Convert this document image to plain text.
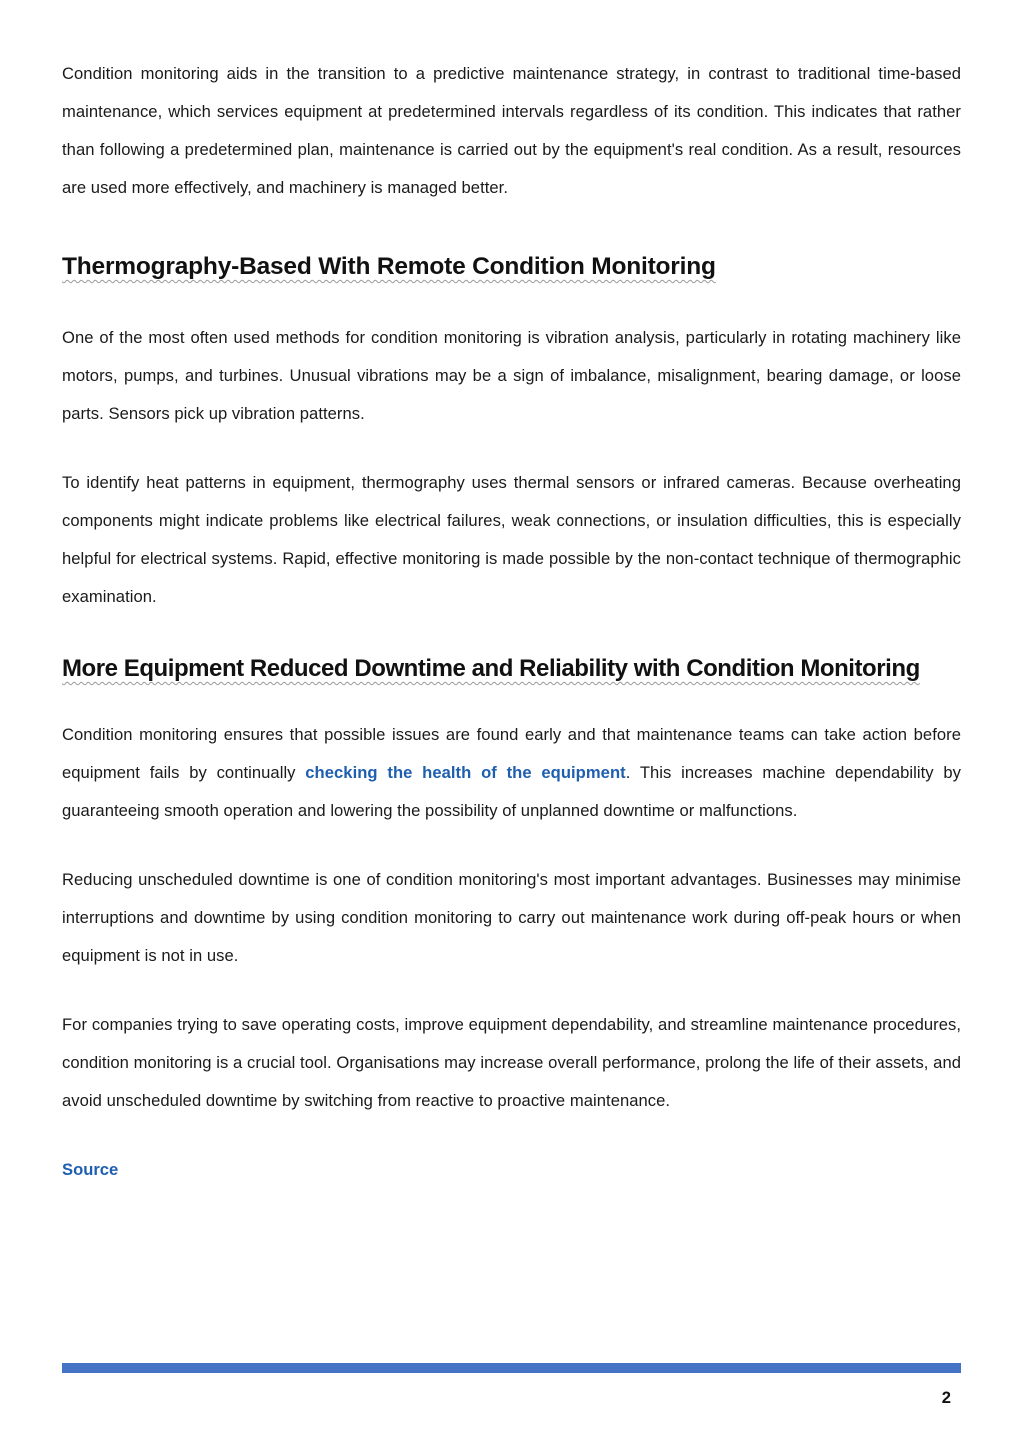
Condition monitoring aids in the transition to a predictive maintenance strategy, in contrast to traditional time-based maintenance, which services equipment at predetermined intervals regardless of its condition. This indicates that rather than following a predetermined plan, maintenance is carried out by the equipment's real condition. As a result, resources are used more effectively, and machinery is managed better.

Thermography-Based With Remote Condition Monitoring

One of the most often used methods for condition monitoring is vibration analysis, particularly in rotating machinery like motors, pumps, and turbines. Unusual vibrations may be a sign of imbalance, misalignment, bearing damage, or loose parts. Sensors pick up vibration patterns.

To identify heat patterns in equipment, thermography uses thermal sensors or infrared cameras. Because overheating components might indicate problems like electrical failures, weak connections, or insulation difficulties, this is especially helpful for electrical systems. Rapid, effective monitoring is made possible by the non-contact technique of thermographic examination.

More Equipment Reduced Downtime and Reliability with Condition Monitoring

Condition monitoring ensures that possible issues are found early and that maintenance teams can take action before equipment fails by continually checking the health of the equipment. This increases machine dependability by guaranteeing smooth operation and lowering the possibility of unplanned downtime or malfunctions.

Reducing unscheduled downtime is one of condition monitoring's most important advantages. Businesses may minimise interruptions and downtime by using condition monitoring to carry out maintenance work during off-peak hours or when equipment is not in use.

For companies trying to save operating costs, improve equipment dependability, and streamline maintenance procedures, condition monitoring is a crucial tool. Organisations may increase overall performance, prolong the life of their assets, and avoid unscheduled downtime by switching from reactive to proactive maintenance.

Source
2
